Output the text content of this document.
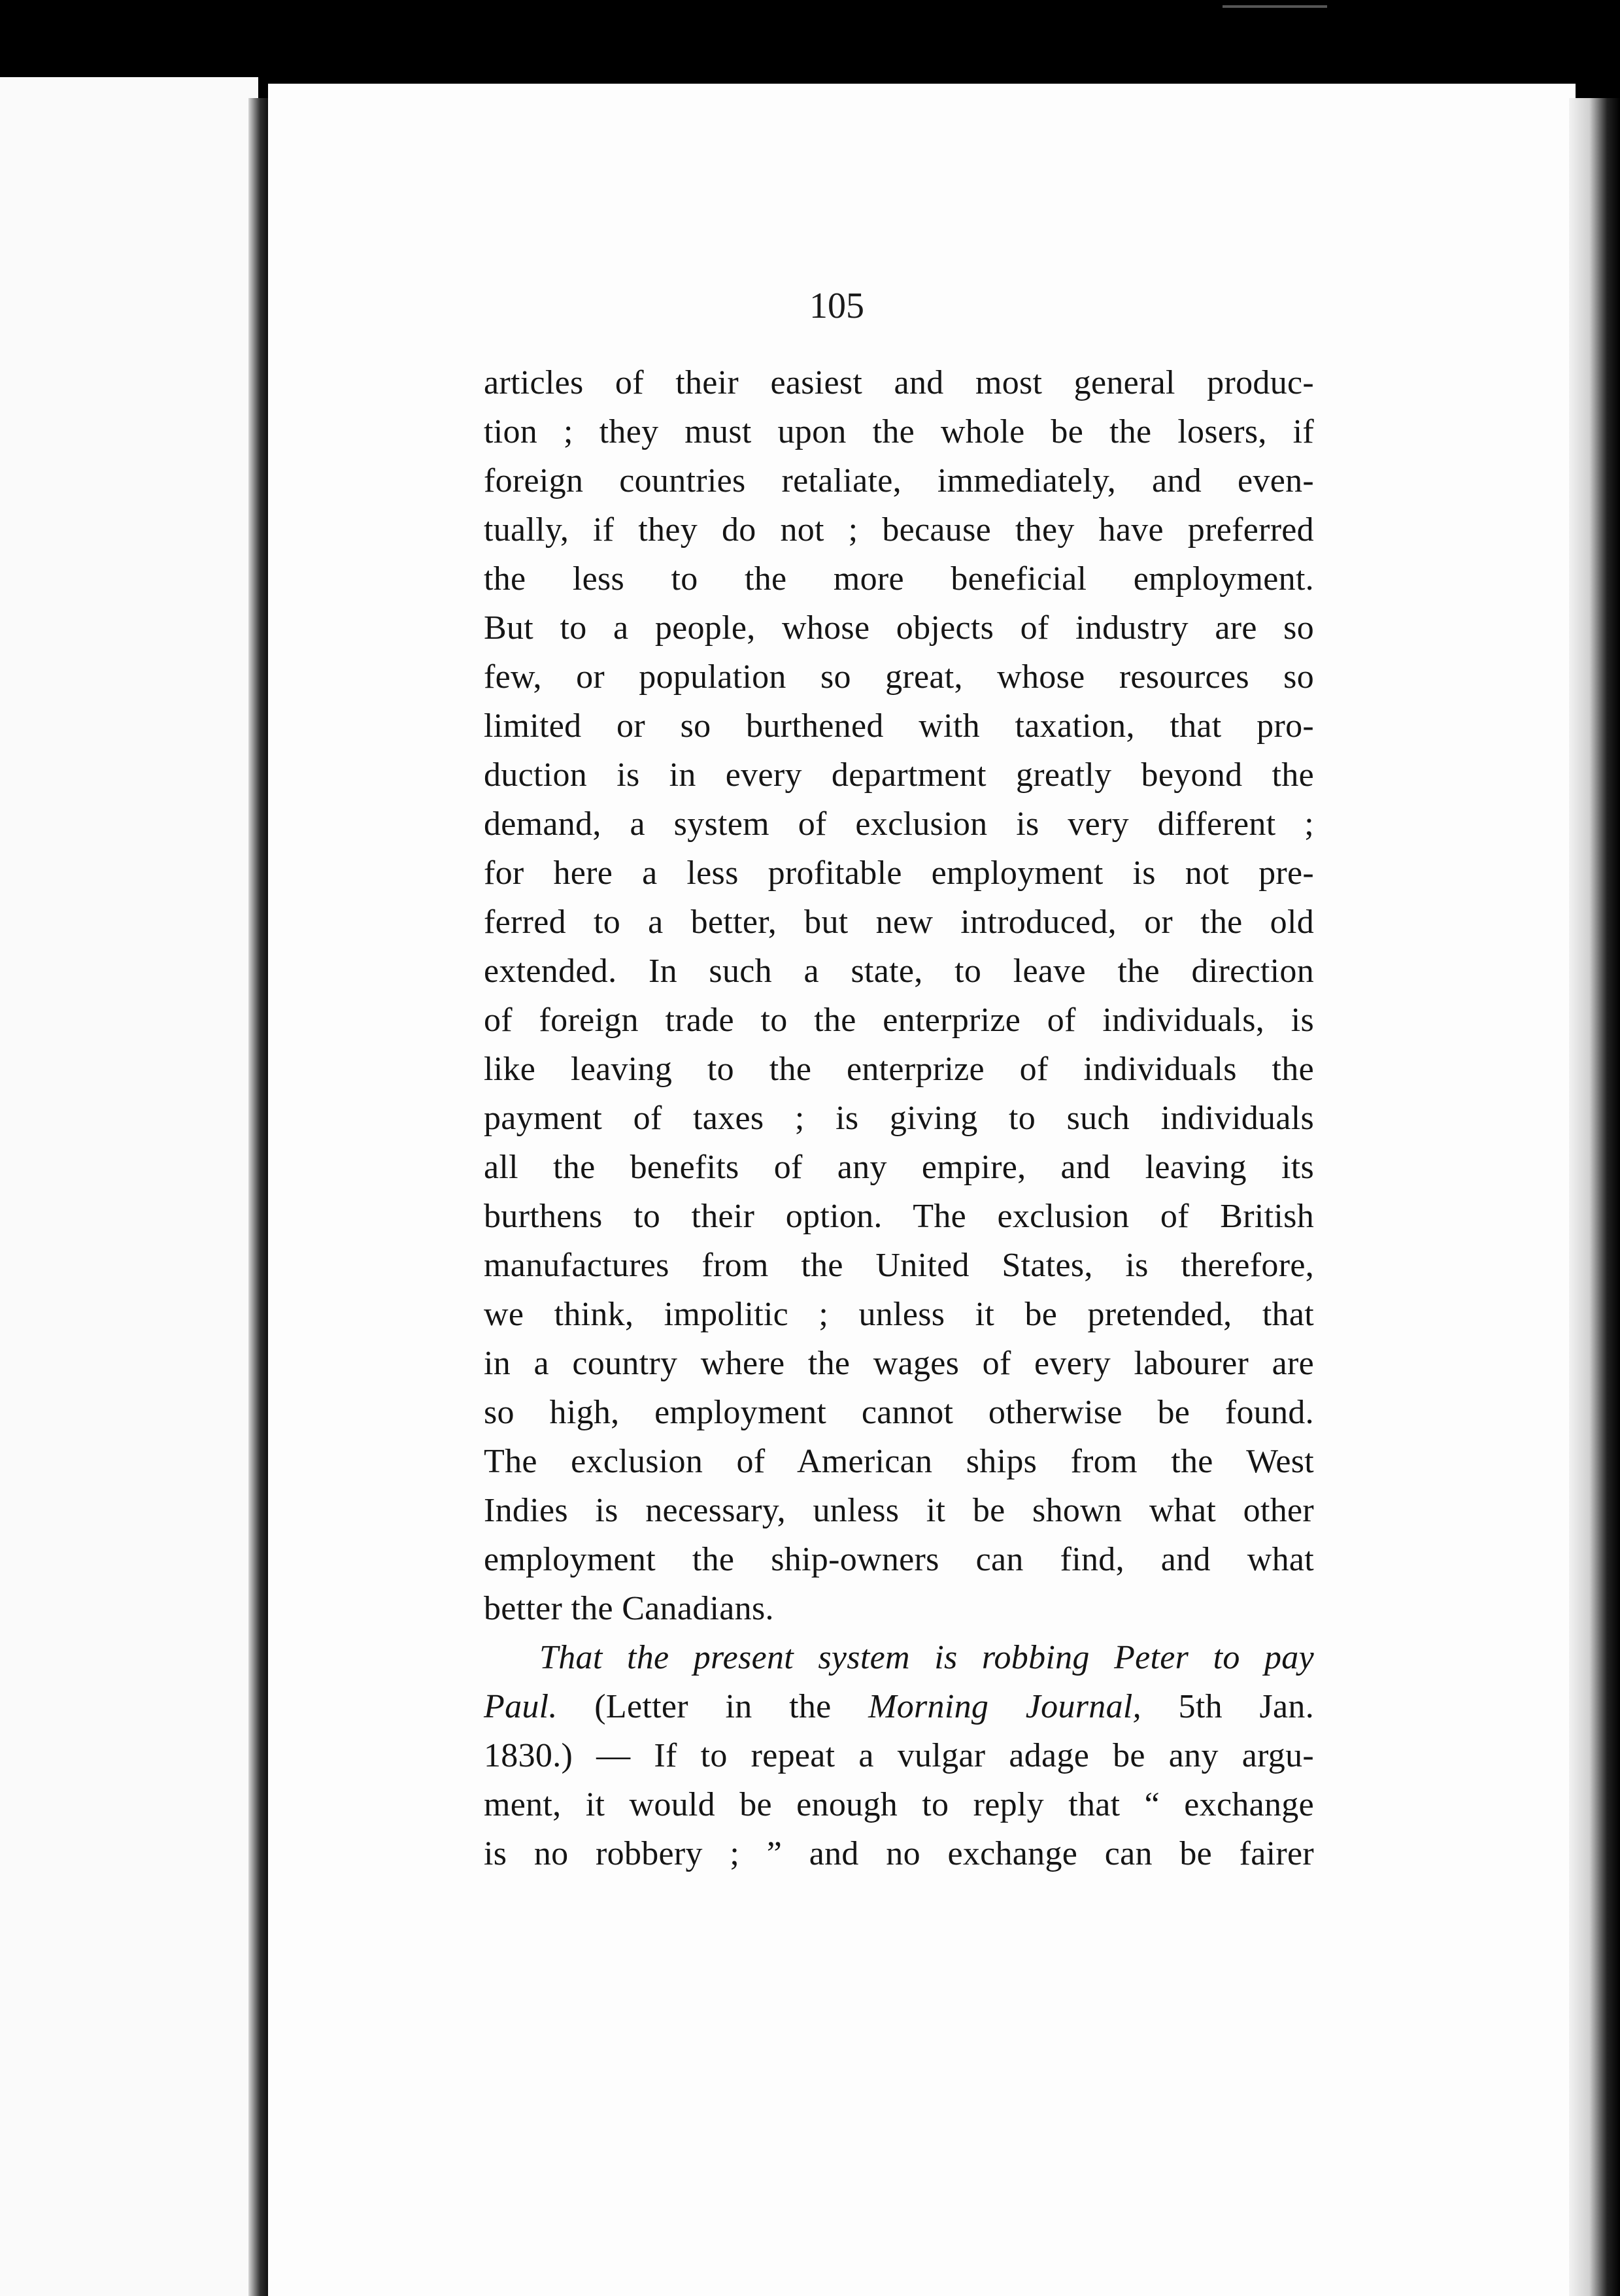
105
articles of their easiest and most general produc-
tion ; they must upon the whole be the losers, if
foreign countries retaliate, immediately, and even-
tually, if they do not ; because they have preferred
the less to the more beneficial employment.
But to a people, whose objects of industry are so
few, or population so great, whose resources so
limited or so burthened with taxation, that pro-
duction is in every department greatly beyond the
demand, a system of exclusion is very different ;
for here a less profitable employment is not pre-
ferred to a better, but new introduced, or the old
extended. In such a state, to leave the direction
of foreign trade to the enterprize of individuals, is
like leaving to the enterprize of individuals the
payment of taxes ; is giving to such individuals
all the benefits of any empire, and leaving its
burthens to their option. The exclusion of British
manufactures from the United States, is therefore,
we think, impolitic ; unless it be pretended, that
in a country where the wages of every labourer are
so high, employment cannot otherwise be found.
The exclusion of American ships from the West
Indies is necessary, unless it be shown what other
employment the ship-owners can find, and what
better the Canadians.
That the present system is robbing Peter to pay
Paul. (Letter in the Morning Journal, 5th Jan.
1830.) — If to repeat a vulgar adage be any argu-
ment, it would be enough to reply that “ exchange
is no robbery ; ” and no exchange can be fairer
